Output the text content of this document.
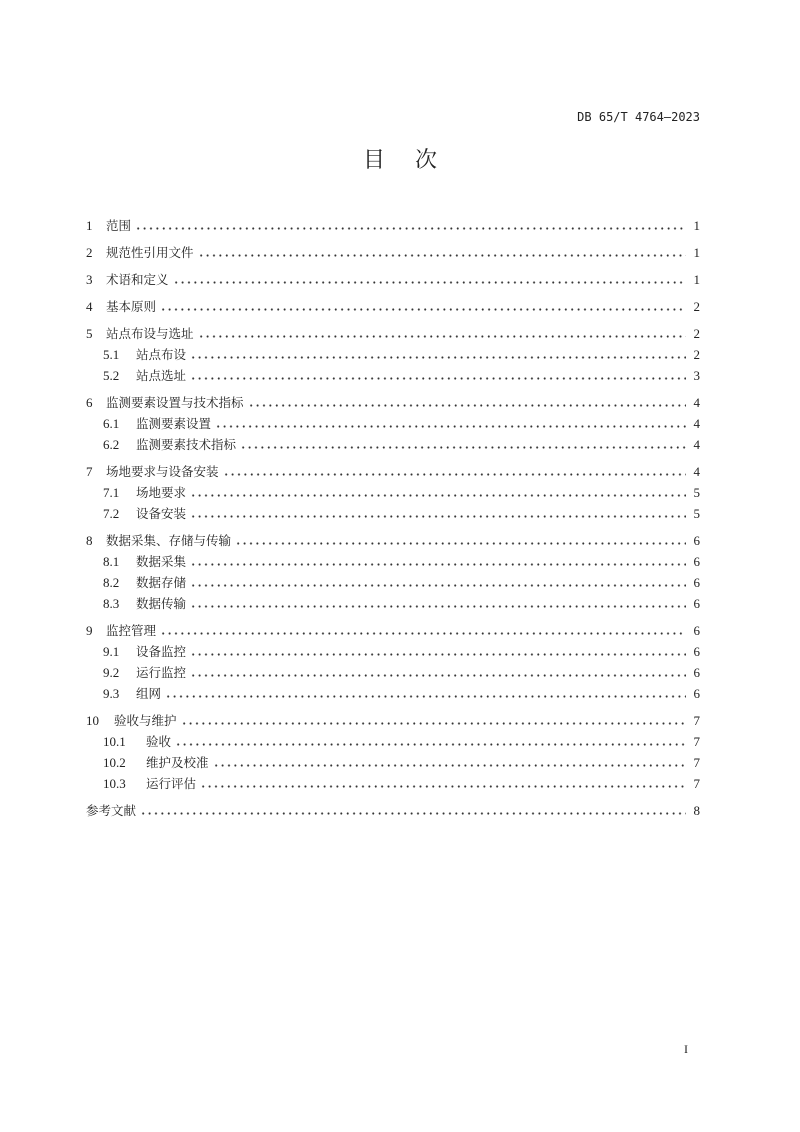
DB 65/T 4764—2023
目次
1	范围	1
2	规范性引用文件	1
3	术语和定义	1
4	基本原则	2
5	站点布设与选址	2
5.1	站点布设	2
5.2	站点选址	3
6	监测要素设置与技术指标	4
6.1	监测要素设置	4
6.2	监测要素技术指标	4
7	场地要求与设备安装	4
7.1	场地要求	5
7.2	设备安装	5
8	数据采集、存储与传输	6
8.1	数据采集	6
8.2	数据存储	6
8.3	数据传输	6
9	监控管理	6
9.1	设备监控	6
9.2	运行监控	6
9.3	组网	6
10	验收与维护	7
10.1	验收	7
10.2	维护及校准	7
10.3	运行评估	7
参考文献	8
I
